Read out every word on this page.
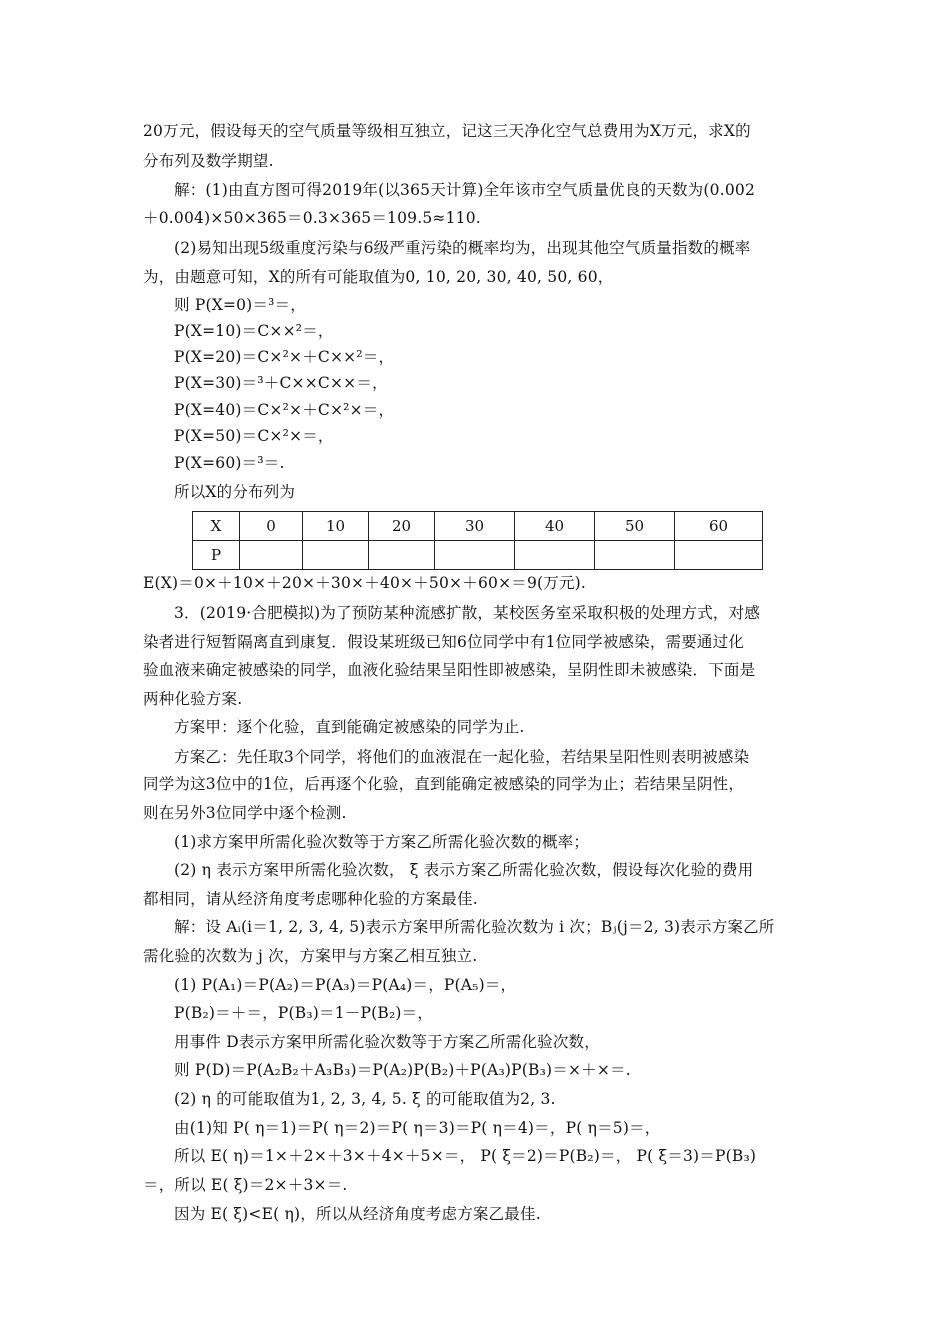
20万元，假设每天的空气质量等级相互独立，记这三天净化空气总费用为X万元，求X的
分布列及数学期望.
解：(1)由直方图可得2019年(以365天计算)全年该市空气质量优良的天数为(0.002
＋0.004)×50×365＝0.3×365＝109.5≈110.
(2)易知出现5级重度污染与6级严重污染的概率均为，出现其他空气质量指数的概率
为，由题意可知，X的所有可能取值为0, 10, 20, 30, 40, 50, 60，
则 P(X=0)＝³＝，
P(X=10)＝C××²＝，
P(X=20)＝C×²×＋C××²＝，
P(X=30)＝³＋C××C××＝，
P(X=40)＝C×²×＋C×²×＝，
P(X=50)＝C×²×＝，
P(X=60)＝³＝.
所以X的分布列为
X	0	10	20	30	40	50	60
P							
E(X)＝0×＋10×＋20×＋30×＋40×＋50×＋60×＝9(万元).
3．(2019·合肥模拟)为了预防某种流感扩散，某校医务室采取积极的处理方式，对感
染者进行短暂隔离直到康复．假设某班级已知6位同学中有1位同学被感染，需要通过化
验血液来确定被感染的同学，血液化验结果呈阳性即被感染，呈阴性即未被感染．下面是
两种化验方案.
方案甲：逐个化验，直到能确定被感染的同学为止.
方案乙：先任取3个同学，将他们的血液混在一起化验，若结果呈阳性则表明被感染
同学为这3位中的1位，后再逐个化验，直到能确定被感染的同学为止；若结果呈阴性，
则在另外3位同学中逐个检测.
(1)求方案甲所需化验次数等于方案乙所需化验次数的概率；
(2) η 表示方案甲所需化验次数， ξ 表示方案乙所需化验次数，假设每次化验的费用
都相同，请从经济角度考虑哪种化验的方案最佳.
解：设 Aᵢ(i＝1, 2, 3, 4, 5)表示方案甲所需化验次数为 i 次；Bⱼ(j＝2, 3)表示方案乙所
需化验的次数为 j 次，方案甲与方案乙相互独立.
(1) P(A₁)＝P(A₂)＝P(A₃)＝P(A₄)＝，P(A₅)＝，
P(B₂)＝＋＝，P(B₃)＝1－P(B₂)＝，
用事件 D表示方案甲所需化验次数等于方案乙所需化验次数，
则 P(D)＝P(A₂B₂＋A₃B₃)＝P(A₂)P(B₂)＋P(A₃)P(B₃)＝×＋×＝.
(2) η 的可能取值为1, 2, 3, 4, 5. ξ 的可能取值为2, 3.
由(1)知 P( η＝1)＝P( η＝2)＝P( η＝3)＝P( η＝4)＝，P( η＝5)＝，
所以 E( η)＝1×＋2×＋3×＋4×＋5×＝， P( ξ＝2)＝P(B₂)＝， P( ξ＝3)＝P(B₃)
＝，所以 E( ξ)＝2×＋3×＝.
因为 E( ξ)<E( η)，所以从经济角度考虑方案乙最佳.
